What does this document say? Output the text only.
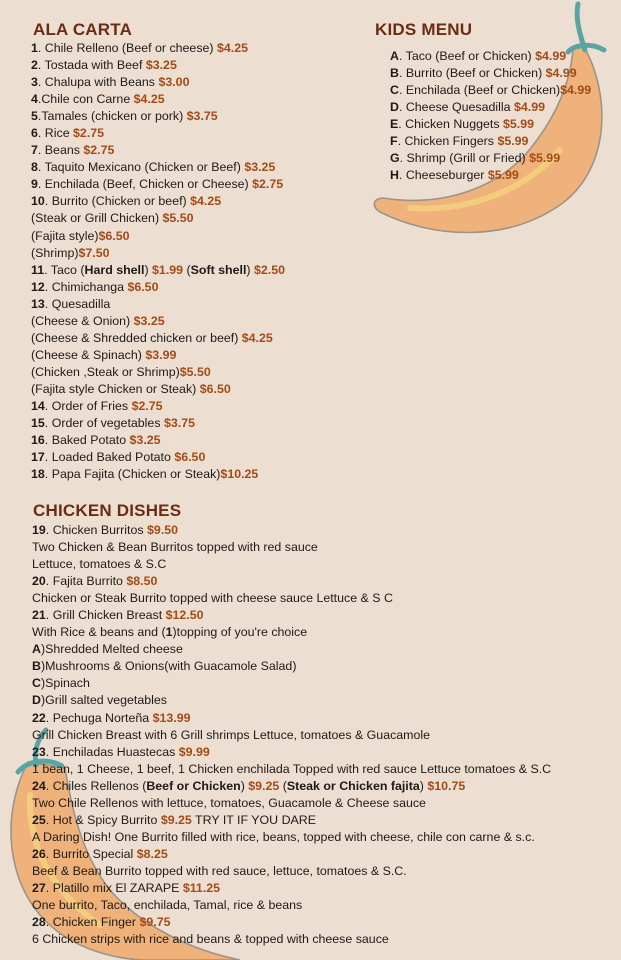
ALA CARTA
1. Chile Relleno (Beef or cheese) $4.25
2. Tostada with Beef $3.25
3. Chalupa with Beans $3.00
4.Chile con Carne $4.25
5.Tamales (chicken or pork) $3.75
6. Rice $2.75
7. Beans $2.75
8. Taquito Mexicano (Chicken or Beef) $3.25
9. Enchilada (Beef, Chicken or Cheese) $2.75
10. Burrito (Chicken or beef) $4.25
(Steak or Grill Chicken) $5.50
(Fajita style)$6.50
(Shrimp)$7.50
11. Taco (Hard shell) $1.99 (Soft shell) $2.50
12. Chimichanga $6.50
13. Quesadilla
(Cheese & Onion) $3.25
(Cheese & Shredded chicken or beef) $4.25
(Cheese & Spinach) $3.99
(Chicken ,Steak or Shrimp)$5.50
(Fajita style Chicken or Steak) $6.50
14. Order of Fries $2.75
15. Order of vegetables $3.75
16. Baked Potato $3.25
17. Loaded Baked Potato $6.50
18. Papa Fajita (Chicken or Steak)$10.25
KIDS MENU
A. Taco (Beef or Chicken) $4.99
B. Burrito (Beef or Chicken) $4.99
C. Enchilada (Beef or Chicken)$4.99
D. Cheese Quesadilla $4.99
E. Chicken Nuggets $5.99
F. Chicken Fingers $5.99
G. Shrimp (Grill or Fried) $5.99
H. Cheeseburger $5.99
CHICKEN DISHES
19. Chicken Burritos $9.50
Two Chicken & Bean Burritos topped with red sauce
Lettuce, tomatoes & S.C
20. Fajita Burrito $8.50
Chicken or Steak Burrito topped with cheese sauce Lettuce & S C
21. Grill Chicken Breast $12.50
With Rice & beans and (1)topping of you're choice
A)Shredded Melted cheese
B)Mushrooms & Onions(with Guacamole Salad)
C)Spinach
D)Grill salted vegetables
22. Pechuga Norteña $13.99
Grill Chicken Breast with 6 Grill shrimps Lettuce, tomatoes & Guacamole
23. Enchiladas Huastecas $9.99
1 bean, 1 Cheese, 1 beef, 1 Chicken enchilada Topped with red sauce Lettuce tomatoes & S.C
24. Chiles Rellenos (Beef or Chicken) $9.25 (Steak or Chicken fajita) $10.75
Two Chile Rellenos with lettuce, tomatoes, Guacamole & Cheese sauce
25. Hot & Spicy Burrito $9.25 TRY IT IF YOU DARE
A Daring Dish! One Burrito filled with rice, beans, topped with cheese, chile con carne & s.c.
26. Burrito Special $8.25
Beef & Bean Burrito topped with red sauce, lettuce, tomatoes & S.C.
27. Platillo mix El ZARAPE $11.25
One burrito, Taco, enchilada, Tamal, rice & beans
28. Chicken Finger $9.75
6 Chicken strips with rice and beans & topped with cheese sauce
